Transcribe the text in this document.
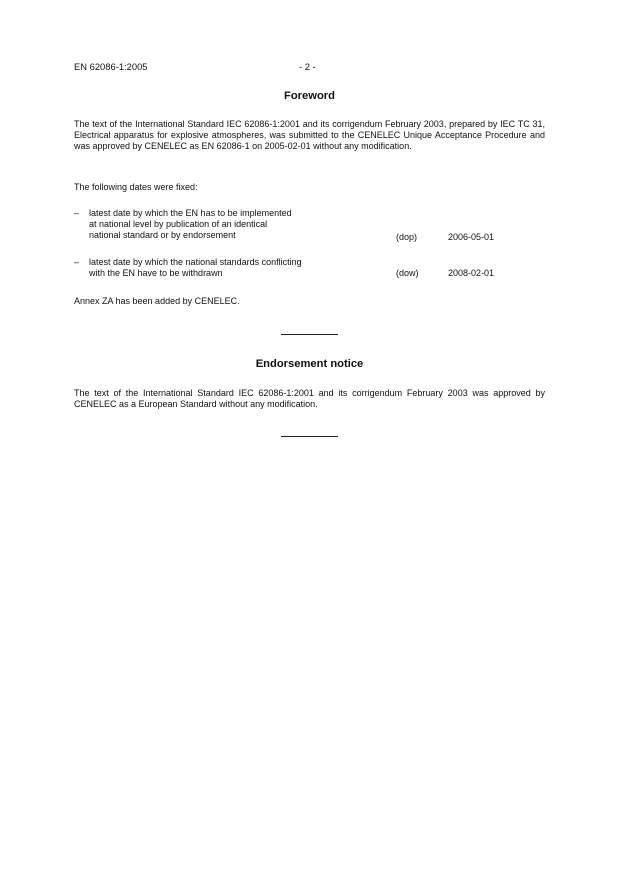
EN 62086-1:2005	- 2 -
Foreword
The text of the International Standard IEC 62086-1:2001 and its corrigendum February 2003, prepared by IEC TC 31, Electrical apparatus for explosive atmospheres, was submitted to the CENELEC Unique Acceptance Procedure and was approved by CENELEC as EN 62086-1 on 2005-02-01 without any modification.
The following dates were fixed:
– latest date by which the EN has to be implemented
at national level by publication of an identical
national standard or by endorsement	(dop)	2006-05-01
– latest date by which the national standards conflicting
with the EN have to be withdrawn	(dow)	2008-02-01
Annex ZA has been added by CENELEC.
Endorsement notice
The text of the International Standard IEC 62086-1:2001 and its corrigendum February 2003 was approved by CENELEC as a European Standard without any modification.
